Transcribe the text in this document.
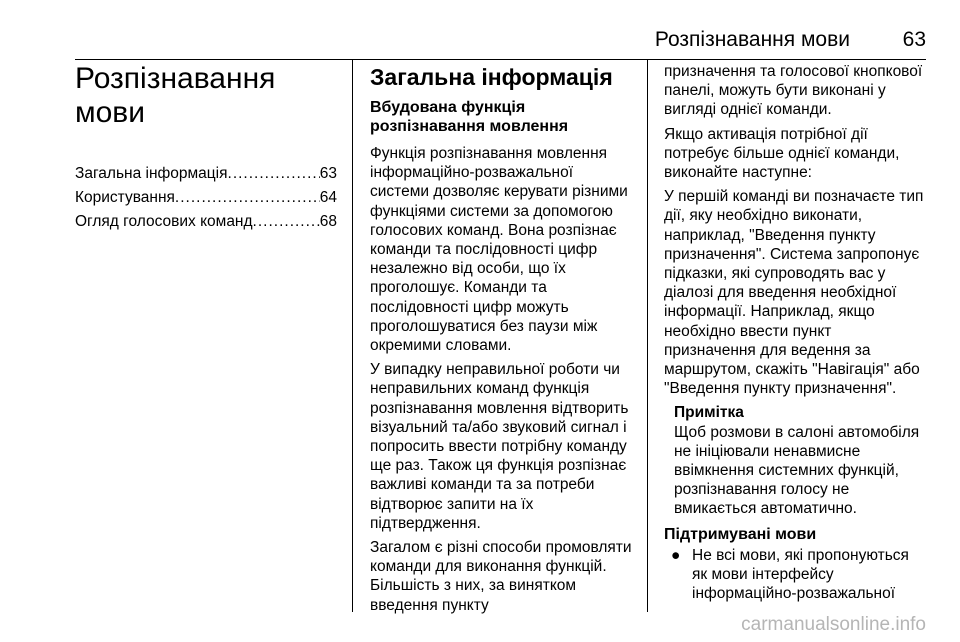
Розпізнавання мови	63
Розпізнавання мови
Загальна інформація .....	63
Користування .....	64
Огляд голосових команд .....	68
Загальна інформація
Вбудована функція розпізнавання мовлення

Функція розпізнавання мовлення інформаційно-розважальної системи дозволяє керувати різними функціями системи за допомогою голосових команд. Вона розпізнає команди та послідовності цифр незалежно від особи, що їх проголошує. Команди та послідовності цифр можуть проголошуватися без паузи між окремими словами.

У випадку неправильної роботи чи неправильних команд функція розпізнавання мовлення відтворить візуальний та/або звуковий сигнал і попросить ввести потрібну команду ще раз. Також ця функція розпізнає важливі команди та за потреби відтворює запити на їх підтвердження.

Загалом є різні способи промовляти команди для виконання функцій. Більшість з них, за винятком введення пункту

призначення та голосової кнопкової панелі, можуть бути виконані у вигляді однієї команди.

Якщо активація потрібної дії потребує більше однієї команди, виконайте наступне:

У першій команді ви позначаєте тип дії, яку необхідно виконати, наприклад, "Введення пункту призначення". Система запропонує підказки, які супроводять вас у діалозі для введення необхідної інформації. Наприклад, якщо необхідно ввести пункт призначення для ведення за маршрутом, скажіть "Навігація" або "Введення пункту призначення".

Примітка

Щоб розмови в салоні автомобіля не ініціювали ненавмисне ввімкнення системних функцій, розпізнавання голосу не вмикається автоматично.

Підтримувані мови

● Не всі мови, які пропонуються як мови інтерфейсу інформаційно-розважальної
carmanualsonline.info
